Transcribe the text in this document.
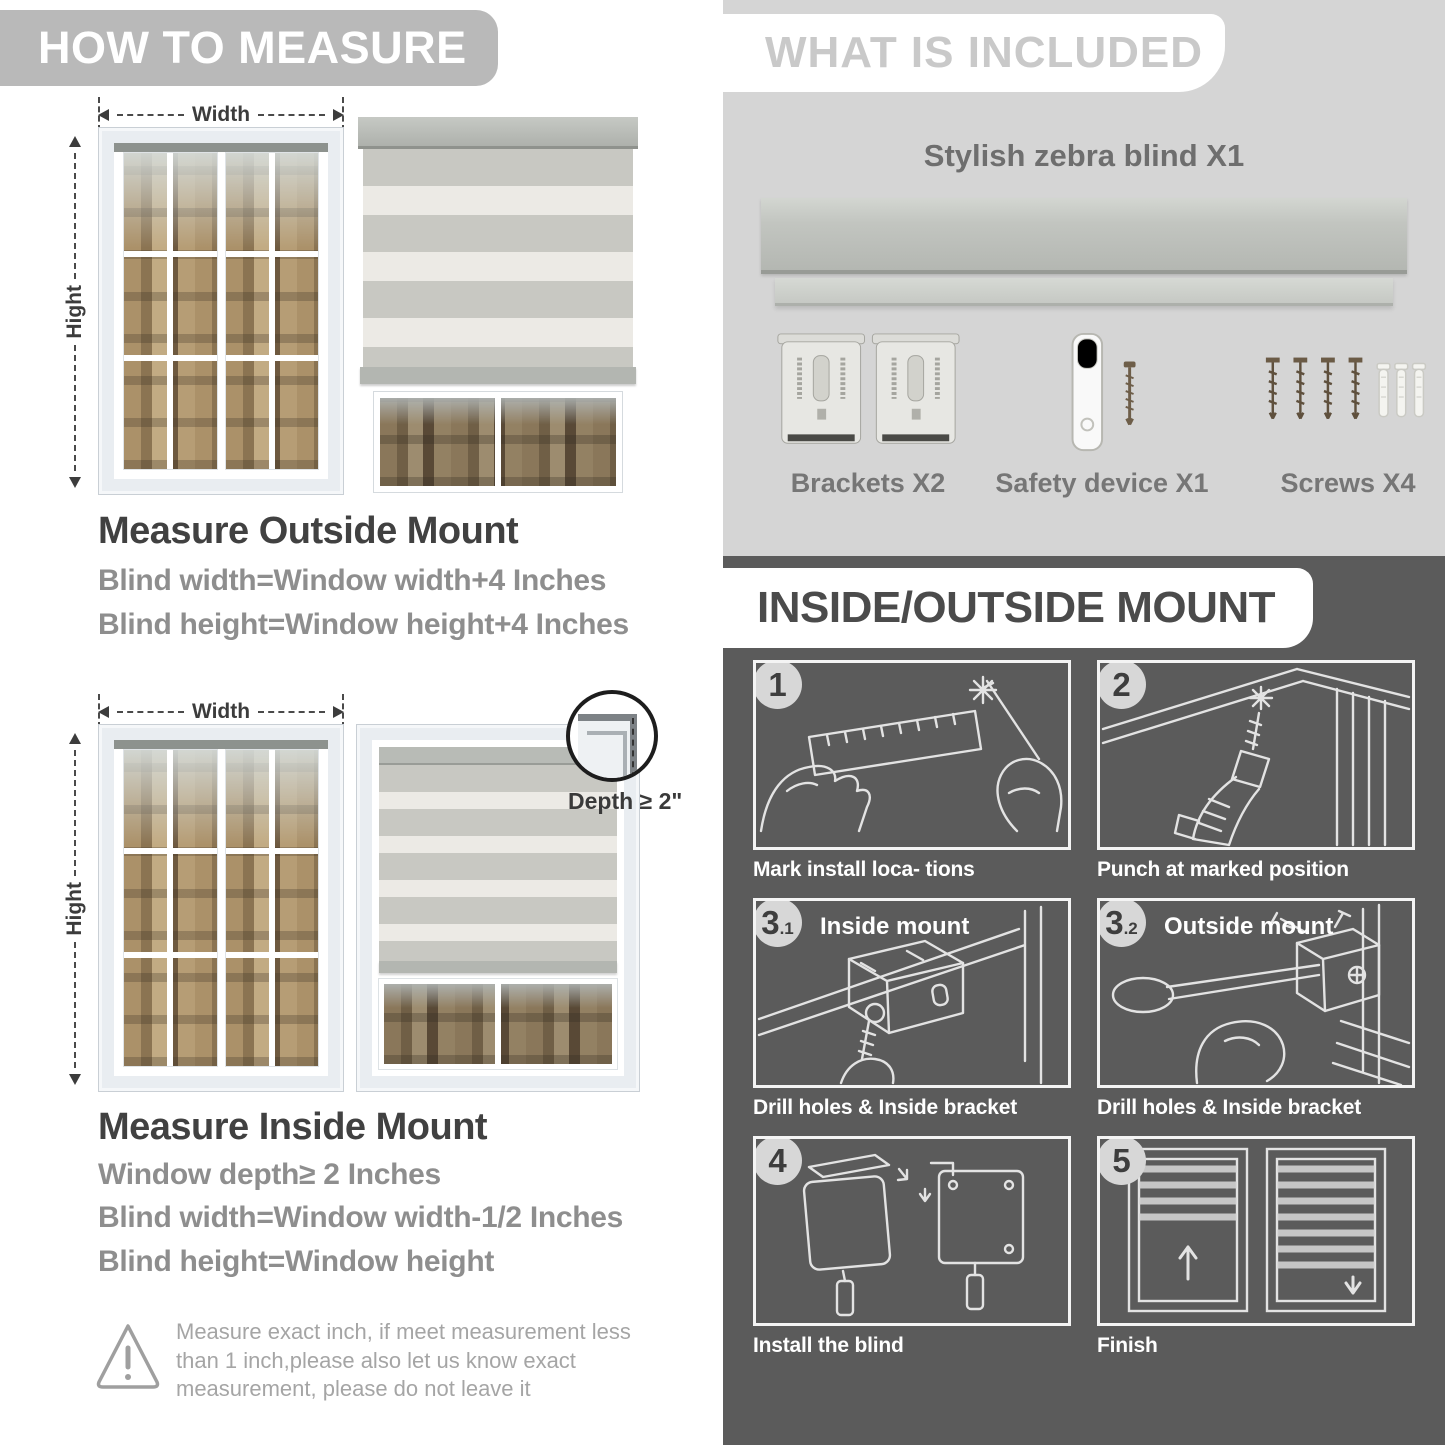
HOW TO MEASURE
Width
Hight
Measure Outside Mount
Blind width=Window width+4 Inches
Blind height=Window height+4 Inches
Width
Hight
Depth ≥ 2"
Measure Inside Mount
Window depth≥ 2 Inches
Blind width=Window width-1/2 Inches
Blind height=Window height
Measure exact inch, if meet measurement less than 1 inch,please also let us know exact measurement, please do not leave it
WHAT IS INCLUDED
Stylish zebra blind X1
Brackets X2 Safety device X1	Screws X4
INSIDE/OUTSIDE MOUNT
1
Mark install loca- tions
2
Punch at marked position
3 .1 Inside mount
Drill holes & Inside bracket
3 .2 Outside mount
Drill holes & Inside bracket
4
Install the blind
5
Finish
